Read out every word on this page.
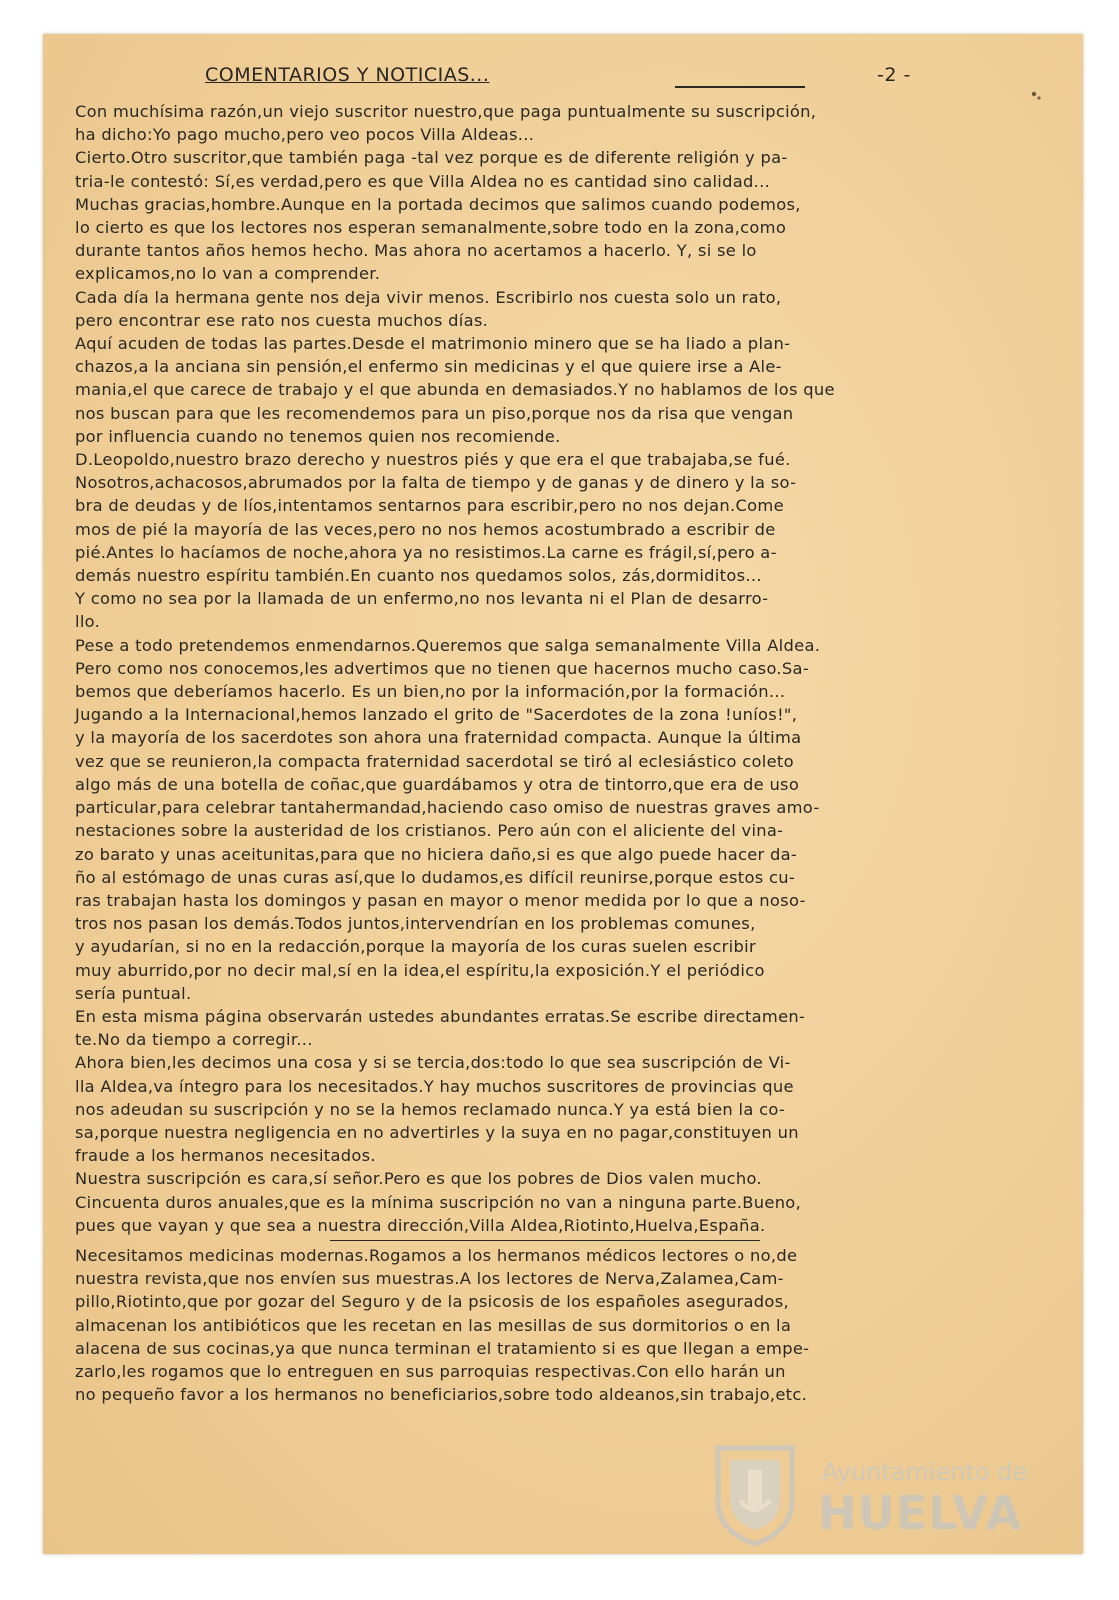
COMENTARIOS Y NOTICIAS...	-2 -

Con muchísima razón,un viejo suscritor nuestro,que paga puntualmente su suscripción,
ha dicho:Yo pago mucho,pero veo pocos Villa Aldeas...

Cierto.Otro suscritor,que también paga -tal vez porque es de diferente religión y pa-
tria-le contestó: Sí,es verdad,pero es que Villa Aldea no es cantidad sino calidad...
Muchas gracias,hombre.Aunque en la portada decimos que salimos cuando podemos,
lo cierto es que los lectores nos esperan semanalmente,sobre todo en la zona,como
durante tantos años hemos hecho. Mas ahora no acertamos a hacerlo. Y, si se lo
explicamos,no lo van a comprender.

Cada día la hermana gente nos deja vivir menos. Escribirlo nos cuesta solo un rato,
pero encontrar ese rato nos cuesta muchos días.

Aquí acuden de todas las partes.Desde el matrimonio minero que se ha liado a plan-
chazos,a la anciana sin pensión,el enfermo sin medicinas y el que quiere irse a Ale-
mania,el que carece de trabajo y el que abunda en demasiados.Y no hablamos de los que
nos buscan para que les recomendemos para un piso,porque nos da risa que vengan
por influencia cuando no tenemos quien nos recomiende.

D.Leopoldo,nuestro brazo derecho y nuestros piés y que era el que trabajaba,se fué.
Nosotros,achacosos,abrumados por la falta de tiempo y de ganas y de dinero y la so-
bra de deudas y de líos,intentamos sentarnos para escribir,pero no nos dejan.Come
mos de pié la mayoría de las veces,pero no nos hemos acostumbrado a escribir de
pié.Antes lo hacíamos de noche,ahora ya no resistimos.La carne es frágil,sí,pero a-
demás nuestro espíritu también.En cuanto nos quedamos solos, zás,dormiditos...
Y como no sea por la llamada de un enfermo,no nos levanta ni el Plan de desarro-
llo.

Pese a todo pretendemos enmendarnos.Queremos que salga semanalmente Villa Aldea.
Pero como nos conocemos,les advertimos que no tienen que hacernos mucho caso.Sa-
bemos que deberíamos hacerlo. Es un bien,no por la información,por la formación...
Jugando a la Internacional,hemos lanzado el grito de "Sacerdotes de la zona !uníos!",
y la mayoría de los sacerdotes son ahora una fraternidad compacta. Aunque la última
vez que se reunieron,la compacta fraternidad sacerdotal se tiró al eclesiástico coleto
algo más de una botella de coñac,que guardábamos y otra de tintorro,que era de uso
particular,para celebrar tantahermandad,haciendo caso omiso de nuestras graves amo-
nestaciones sobre la austeridad de los cristianos. Pero aún con el aliciente del vina-
zo barato y unas aceitunitas,para que no hiciera daño,si es que algo puede hacer da-
ño al estómago de unas curas así,que lo dudamos,es difícil reunirse,porque estos cu-
ras trabajan hasta los domingos y pasan en mayor o menor medida por lo que a noso-
tros nos pasan los demás.Todos juntos,intervendrían en los problemas comunes,
y ayudarían, si no en la redacción,porque la mayoría de los curas suelen escribir
muy aburrido,por no decir mal,sí en la idea,el espíritu,la exposición.Y el periódico
sería puntual.

En esta misma página observarán ustedes abundantes erratas.Se escribe directamen-
te.No da tiempo a corregir...

Ahora bien,les decimos una cosa y si se tercia,dos:todo lo que sea suscripción de Vi-
lla Aldea,va íntegro para los necesitados.Y hay muchos suscritores de provincias que
nos adeudan su suscripción y no se la hemos reclamado nunca.Y ya está bien la co-
sa,porque nuestra negligencia en no advertirles y la suya en no pagar,constituyen un
fraude a los hermanos necesitados.

Nuestra suscripción es cara,sí señor.Pero es que los pobres de Dios valen mucho.
Cincuenta duros anuales,que es la mínima suscripción no van a ninguna parte.Bueno,
pues que vayan y que sea a nuestra dirección,Villa Aldea,Riotinto,Huelva,España.

Necesitamos medicinas modernas.Rogamos a los hermanos médicos lectores o no,de
nuestra revista,que nos envíen sus muestras.A los lectores de Nerva,Zalamea,Cam-
pillo,Riotinto,que por gozar del Seguro y de la psicosis de los españoles asegurados,
almacenan los antibióticos que les recetan en las mesillas de sus dormitorios o en la
alacena de sus cocinas,ya que nunca terminan el tratamiento si es que llegan a empe-
zarlo,les rogamos que lo entreguen en sus parroquias respectivas.Con ello harán un
no pequeño favor a los hermanos no beneficiarios,sobre todo aldeanos,sin trabajo,etc.

Ayuntamiento de
HUELVA
